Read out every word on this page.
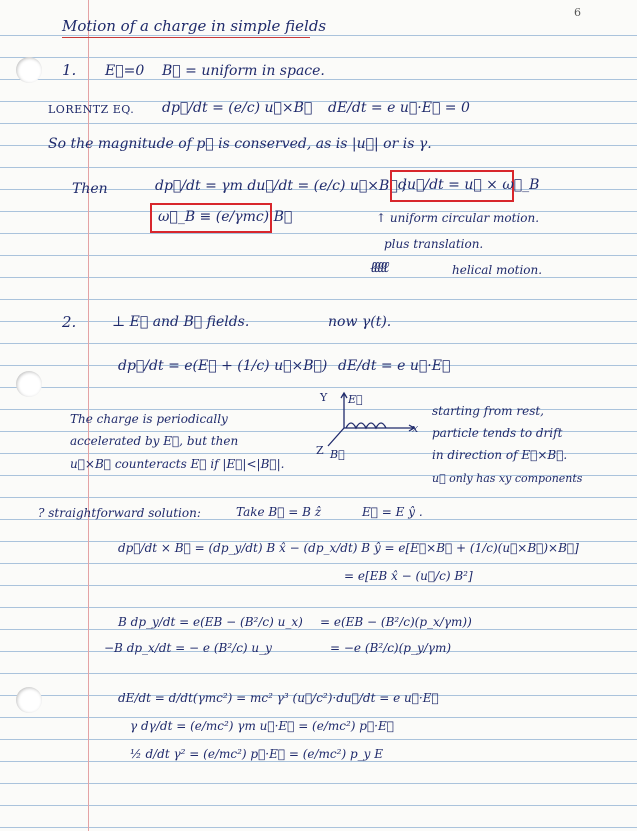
6
Motion of a charge in simple fields
1. E⃗=0 B⃗ = uniform in space.
LORENTZ EQ. dp⃗/dt = (e/c) u⃗×B⃗ dE/dt = e u⃗·E⃗ = 0
So the magnitude of p⃗ is conserved, as is |u⃗| or is γ.
Then	dp⃗/dt = γm du⃗/dt = (e/c) u⃗×B⃗ ;
du⃗/dt = u⃗ × ω⃗_B
ω⃗_B ≡ (e/γmc) B⃗	↑ uniform circular motion.
plus translation.
ℓℓℓℓℓ	helical motion.
2.	⊥ E⃗ and B⃗ fields.	now γ(t).
dp⃗/dt = e(E⃗ + (1/c) u⃗×B⃗) dE/dt = e u⃗·E⃗
The charge is periodically
accelerated by E⃗, but then
u⃗×B⃗ counteracts E⃗ if |E⃗|<|B⃗|.
Y E⃗
x
Z B⃗
starting from rest,
particle tends to drift
in direction of E⃗×B⃗.
u⃗ only has xy components
? straightforward solution:	Take B⃗ = B ẑ	E⃗ = E ŷ .
dp⃗/dt × B⃗ = (dp_y/dt) B x̂ − (dp_x/dt) B ŷ = e[E⃗×B⃗ + (1/c)(u⃗×B⃗)×B⃗]
= e[EB x̂ − (u⃗/c) B²]
B dp_y/dt = e(EB − (B²/c) u_x) = e(EB − (B²/c)(p_x/γm))
−B dp_x/dt = − e (B²/c) u_y	= −e (B²/c)(p_y/γm)
dE/dt = d/dt(γmc²) = mc² γ³ (u⃗/c²)·du⃗/dt = e u⃗·E⃗
γ dγ/dt = (e/mc²) γm u⃗·E⃗ = (e/mc²) p⃗·E⃗
½ d/dt γ² = (e/mc²) p⃗·E⃗ = (e/mc²) p_y E
